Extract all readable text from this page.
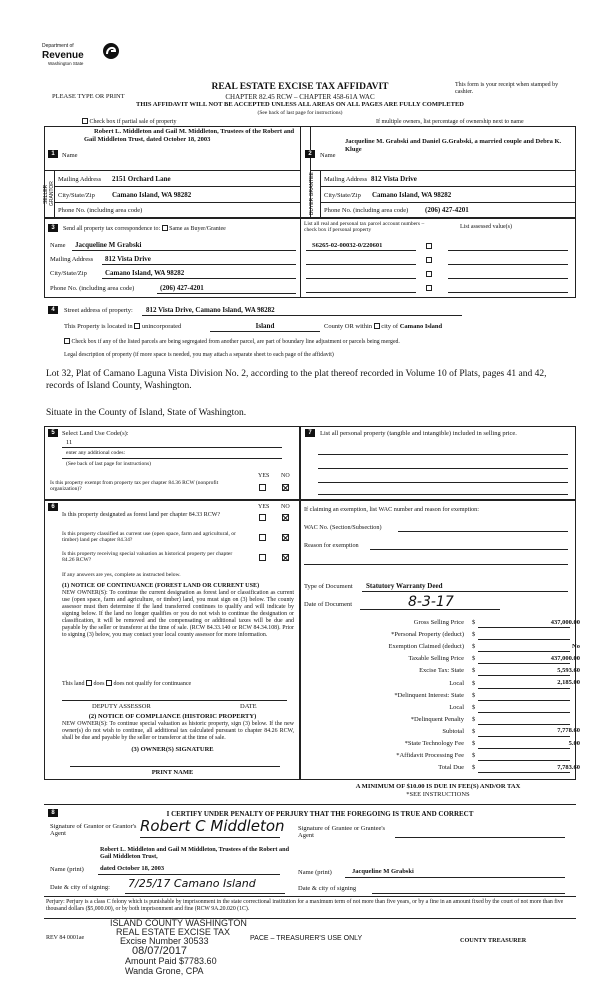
Department of
Revenue
Washington State
REAL ESTATE EXCISE TAX AFFIDAVIT
CHAPTER 82.45 RCW – CHAPTER 458-61A WAC
PLEASE TYPE OR PRINT
This form is your receipt when stamped by cashier.
THIS AFFIDAVIT WILL NOT BE ACCEPTED UNLESS ALL AREAS ON ALL PAGES ARE FULLY COMPLETED
(See back of last page for instructions)
Check box if partial sale of property	If multiple owners, list percentage of ownership next to name
1	Name
Robert L. Middleton and Gail M. Middleton, Trustees of the Robert and Gail Middleton Trust, dated October 18, 2003
SELLER GRANTOR
Mailing Address 2151 Orchard Lane
City/State/Zip Camano Island, WA 98282
Phone No. (including area code)
2	Name
Jacqueline M. Grabski and Daniel G.Grabski, a married couple and Debra K. Kluge
BUYER GRANTEE	Mailing Address 812 Vista Drive
City/State/Zip Camano Island, WA 98282
Phone No. (including area code) (206) 427-4201
3	Send all property tax correspondence to: Same as Buyer/Grantee
Name Jacqueline M Grabski
Mailing Address 812 Vista Drive
City/State/Zip	Camano Island, WA 98282
Phone No. (including area code)	(206) 427-4201
List all real and personal tax parcel account numbers – check box if personal property
List assessed value(s)
S6265-02-00032-0/220601
4	Street address of property: 812 Vista Drive, Camano Island, WA 98282
This Property is located in unincorporated	Island	County OR within city of Camano Island
Check box if any of the listed parcels are being segregated from another parcel, are part of boundary line adjustment or parcels being merged.
Legal description of property (if more space is needed, you may attach a separate sheet to each page of the affidavit)
Lot 32, Plat of Camano Laguna Vista Division No. 2, according to the plat thereof recorded in Volume 10 of Plats, pages 41 and 42, records of Island County, Washington.
Situate in the County of Island, State of Washington.
5	Select Land Use Code(s):
11
enter any additional codes:
(See back of last page for instructions)
YES NO
Is this property exempt from property tax per chapter 84.36 RCW (nonprofit organization)?
7	List all personal property (tangible and intangible) included in selling price.
6	YES NO
Is this property designated as forest land per chapter 84.33 RCW?
Is this property classified as current use (open space, farm and agricultural, or timber) land per chapter 84.34?
Is this property receiving special valuation as historical property per chapter 84.26 RCW?
If any answers are yes, complete as instructed below.
(1) NOTICE OF CONTINUANCE (FOREST LAND OR CURRENT USE)
NEW OWNER(S): To continue the current designation as forest land or classification as current use (open space, farm and agriculture, or timber) land, you must sign on (3) below. The county assessor must then determine if the land transferred continues to qualify and will indicate by signing below. If the land no longer qualifies or you do not wish to continue the designation or classification, it will be removed and the compensating or additional taxes will be due and payable by the seller or transferor at the time of sale. (RCW 84.33.140 or RCW 84.34.108). Prior to signing (3) below, you may contact your local county assessor for more information.
This land does does not qualify for continuance
DEPUTY ASSESSOR	DATE
(2) NOTICE OF COMPLIANCE (HISTORIC PROPERTY)
NEW OWNER(S): To continue special valuation as historic property, sign (3) below. If the new owner(s) do not wish to continue, all additional tax calculated pursuant to chapter 84.26 RCW, shall be due and payable by the seller or transferor at the time of sale.
(3) OWNER(S) SIGNATURE
PRINT NAME
If claiming an exemption, list WAC number and reason for exemption:
WAC No. (Section/Subsection)
Reason for exemption
Type of Document Statutory Warranty Deed
Date of Document	8-3-17
Gross Selling Price $	437,000.00
*Personal Property (deduct) $
Exemption Claimed (deduct) $	No
Taxable Selling Price $	437,000.00
Excise Tax: State $	5,593.60
Local $	2,185.00
*Delinquent Interest: State $
Local $
*Delinquent Penalty $
Subtotal $	7,778.60
*State Technology Fee $	5.00
*Affidavit Processing Fee $
Total Due $	7,783.60
A MINIMUM OF $10.00 IS DUE IN FEE(S) AND/OR TAX
*SEE INSTRUCTIONS
8	I CERTIFY UNDER PENALTY OF PERJURY THAT THE FOREGOING IS TRUE AND CORRECT
Signature of Grantor or Grantor's Agent	Robert C Middleton Signature of Grantee or Grantee's Agent
Robert L. Middleton and Gail M Middleton, Trustees of the Robert and Gail Middleton Trust,
Name (print) dated October 18, 2003
Name (print)	Jacqueline M Grabski
Date & city of signing: 7/25/17 Camano Island	Date & city of signing
Perjury: Perjury is a class C felony which is punishable by imprisonment in the state correctional institution for a maximum term of not more than five years, or by a fine in an amount fixed by the court of not more than five thousand dollars ($5,000.00), or by both imprisonment and fine (RCW 9A.20.020 (1C).
REV 84 0001ae
ISLAND COUNTY WASHINGTON
REAL ESTATE EXCISE TAX
Excise Number 30533
08/07/2017
Amount Paid $7783.60
Wanda Grone, CPA
PACE – TREASURER'S USE ONLY	COUNTY TREASURER
